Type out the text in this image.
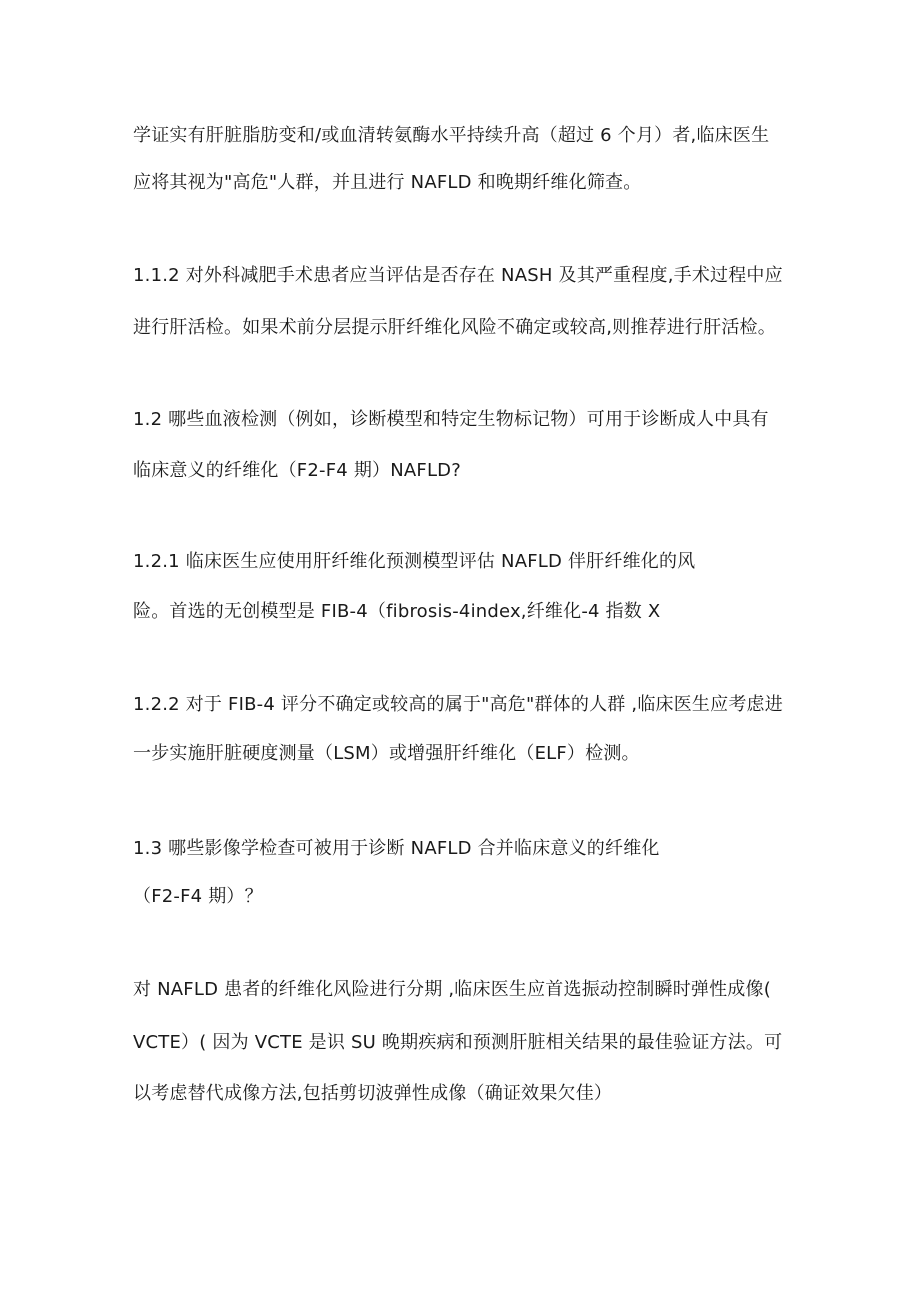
学证实有肝脏脂肪变和/或血清转氨酶水平持续升高（超过 6 个月）者,临床医生
应将其视为"高危"人群，并且进行 NAFLD 和晚期纤维化筛查。
1.1.2 对外科减肥手术患者应当评估是否存在 NASH 及其严重程度,手术过程中应
进行肝活检。如果术前分层提示肝纤维化风险不确定或较高,则推荐进行肝活检。
1.2 哪些血液检测（例如，诊断模型和特定生物标记物）可用于诊断成人中具有
临床意义的纤维化（F2-F4 期）NAFLD?
1.2.1 临床医生应使用肝纤维化预测模型评估 NAFLD 伴肝纤维化的风
险。首选的无创模型是 FIB-4（fibrosis-4index,纤维化-4 指数 X
1.2.2 对于 FIB-4 评分不确定或较高的属于"高危"群体的人群 ,临床医生应考虑进
一步实施肝脏硬度测量（LSM）或增强肝纤维化（ELF）检测。
1.3 哪些影像学检查可被用于诊断 NAFLD 合并临床意义的纤维化
（F2-F4 期）？
对 NAFLD 患者的纤维化风险进行分期 ,临床医生应首选振动控制瞬时弹性成像(
VCTE）( 因为 VCTE 是识 SU 晚期疾病和预测肝脏相关结果的最佳验证方法。可
以考虑替代成像方法,包括剪切波弹性成像（确证效果欠佳）
